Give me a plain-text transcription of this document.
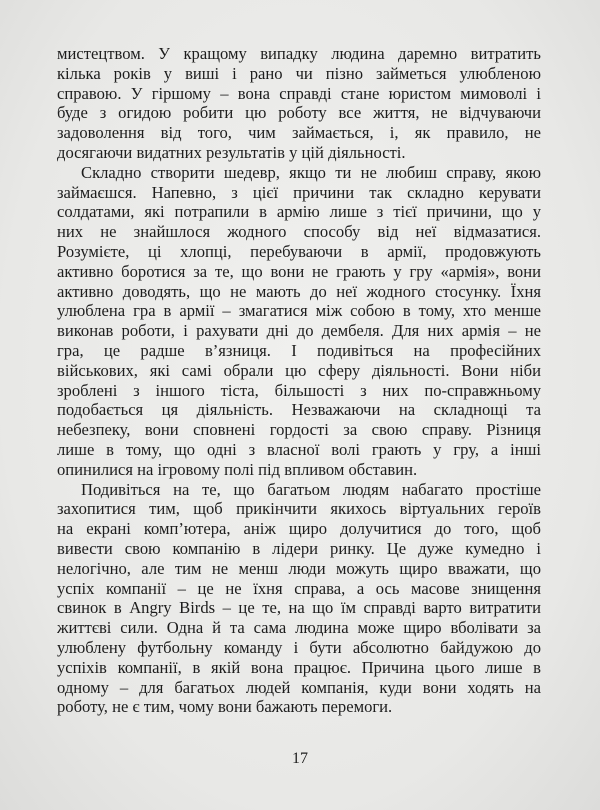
мистецтвом. У кращому випадку людина даремно витратить
кілька років у виші і рано чи пізно займеться улюбленою
справою. У гіршому – вона справді стане юристом мимоволі і
буде з огидою робити цю роботу все життя, не відчуваючи
задоволення від того, чим займається, і, як правило, не
досягаючи видатних результатів у цій діяльності.
Складно створити шедевр, якщо ти не любиш справу, якою
займаєшся. Напевно, з цієї причини так складно керувати
солдатами, які потрапили в армію лише з тієї причини, що у
них не знайшлося жодного способу від неї відмазатися.
Розумієте, ці хлопці, перебуваючи в армії, продовжують
активно боротися за те, що вони не грають у гру «армія», вони
активно доводять, що не мають до неї жодного стосунку. Їхня
улюблена гра в армії – змагатися між собою в тому, хто менше
виконав роботи, і рахувати дні до дембеля. Для них армія – не
гра, це радше в’язниця. І подивіться на професійних
військових, які самі обрали цю сферу діяльності. Вони ніби
зроблені з іншого тіста, більшості з них по-справжньому
подобається ця діяльність. Незважаючи на складнощі та
небезпеку, вони сповнені гордості за свою справу. Різниця
лише в тому, що одні з власної волі грають у гру, а інші
опинилися на ігровому полі під впливом обставин.
Подивіться на те, що багатьом людям набагато простіше
захопитися тим, щоб прикінчити якихось віртуальних героїв
на екрані комп’ютера, аніж щиро долучитися до того, щоб
вивести свою компанію в лідери ринку. Це дуже кумедно і
нелогічно, але тим не менш люди можуть щиро вважати, що
успіх компанії – це не їхня справа, а ось масове знищення
свинок в Angry Birds – це те, на що їм справді варто витратити
життєві сили. Одна й та сама людина може щиро вболівати за
улюблену футбольну команду і бути абсолютно байдужою до
успіхів компанії, в якій вона працює. Причина цього лише в
одному – для багатьох людей компанія, куди вони ходять на
роботу, не є тим, чому вони бажають перемоги.
17
